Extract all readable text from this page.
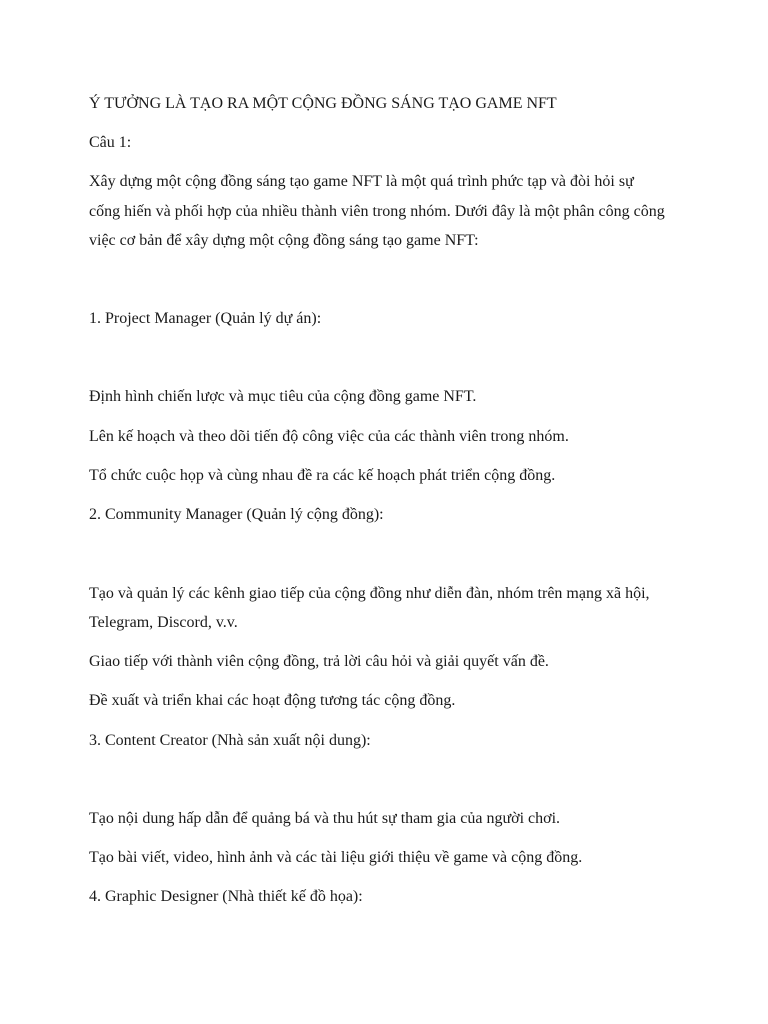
Ý TƯỞNG LÀ TẠO RA MỘT CỘNG ĐỒNG SÁNG TẠO GAME NFT

Câu 1:

Xây dựng một cộng đồng sáng tạo game NFT là một quá trình phức tạp và đòi hỏi sự

cống hiến và phối hợp của nhiều thành viên trong nhóm. Dưới đây là một phân công công

việc cơ bản để xây dựng một cộng đồng sáng tạo game NFT:

1. Project Manager (Quản lý dự án):

Định hình chiến lược và mục tiêu của cộng đồng game NFT.

Lên kế hoạch và theo dõi tiến độ công việc của các thành viên trong nhóm.

Tổ chức cuộc họp và cùng nhau đề ra các kế hoạch phát triển cộng đồng.

2. Community Manager (Quản lý cộng đồng):

Tạo và quản lý các kênh giao tiếp của cộng đồng như diễn đàn, nhóm trên mạng xã hội,

Telegram, Discord, v.v.

Giao tiếp với thành viên cộng đồng, trả lời câu hỏi và giải quyết vấn đề.

Đề xuất và triển khai các hoạt động tương tác cộng đồng.

3. Content Creator (Nhà sản xuất nội dung):

Tạo nội dung hấp dẫn để quảng bá và thu hút sự tham gia của người chơi.

Tạo bài viết, video, hình ảnh và các tài liệu giới thiệu về game và cộng đồng.

4. Graphic Designer (Nhà thiết kế đồ họa):
